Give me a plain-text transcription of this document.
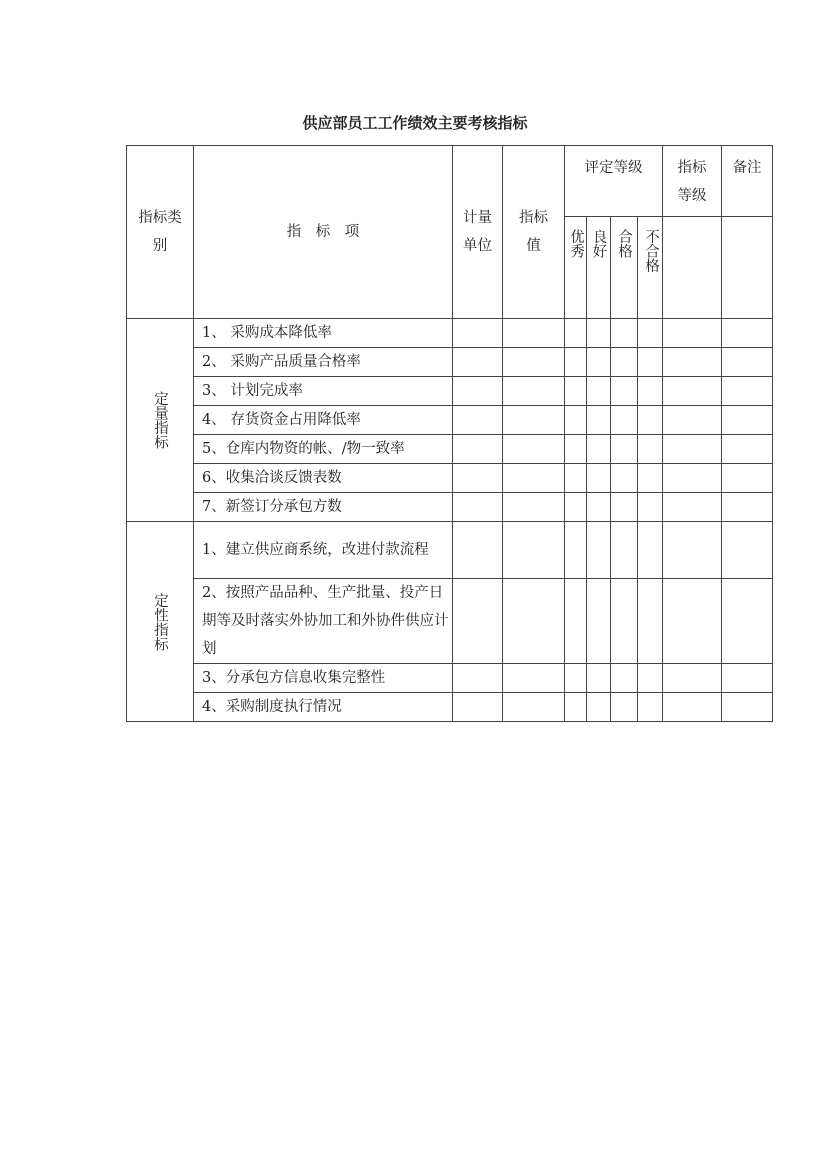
供应部员工工作绩效主要考核指标
指标类别	指　标　项	计量单位	指标值	评定等级				指标等级	备注
				优秀	良好	合格	不合格		
定量指标	1、 采购成本降低率								
	2、 采购产品质量合格率								
	3、 计划完成率								
	4、 存货资金占用降低率								
	5、仓库内物资的帐、/物一致率								
	6、收集洽谈反馈表数								
	7、新签订分承包方数								
定性指标	1、建立供应商系统，改进付款流程								
	2、按照产品品种、生产批量、投产日期等及时落实外协加工和外协件供应计划								
	3、分承包方信息收集完整性								
	4、采购制度执行情况								
